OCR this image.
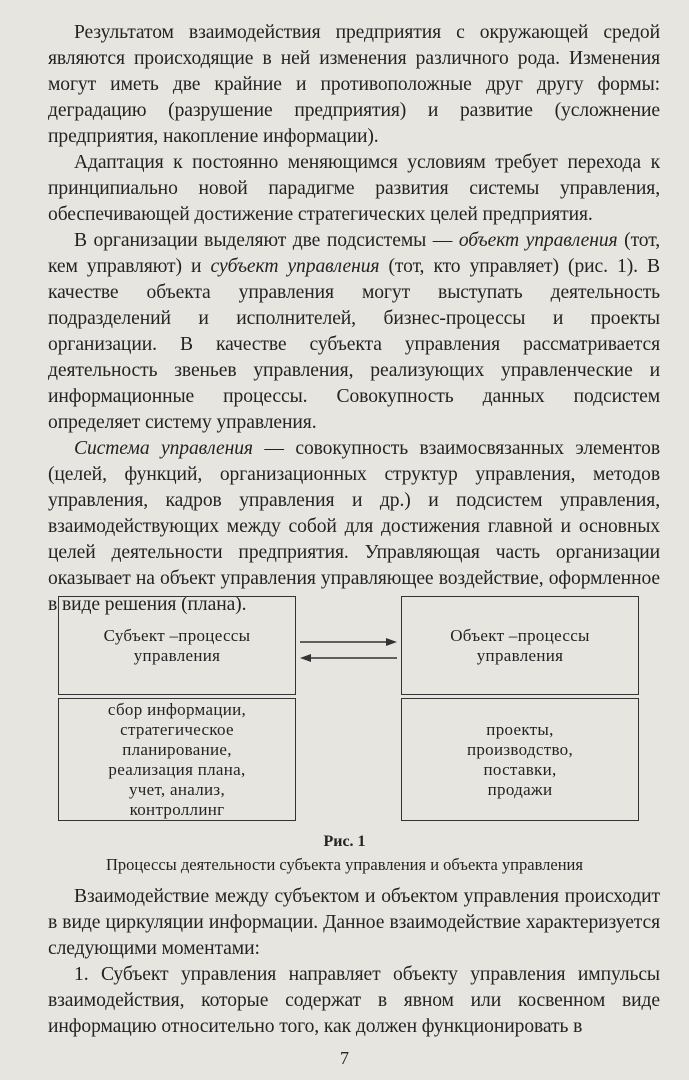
Результатом взаимодействия предприятия с окружающей средой являются происходящие в ней изменения различного рода. Изменения могут иметь две крайние и противоположные друг другу формы: деградацию (разрушение предприятия) и развитие (усложнение предприятия, накопление информации).

Адаптация к постоянно меняющимся условиям требует перехода к принципиально новой парадигме развития системы управления, обеспечивающей достижение стратегических целей предприятия.

В организации выделяют две подсистемы — объект управления (тот, кем управляют) и субъект управления (тот, кто управляет) (рис. 1). В качестве объекта управления могут выступать деятельность подразделений и исполнителей, бизнес-процессы и проекты организации. В качестве субъекта управления рассматривается деятельность звеньев управления, реализующих управленческие и информационные процессы. Совокупность данных подсистем определяет систему управления.

Система управления — совокупность взаимосвязанных элементов (целей, функций, организационных структур управления, методов управления, кадров управления и др.) и подсистем управления, взаимодействующих между собой для достижения главной и основных целей деятельности предприятия. Управляющая часть организации оказывает на объект управления управляющее воздействие, оформленное в виде решения (плана).

Субъект –процессы
управления
Объект –процессы
управления
сбор информации,
стратегическое
планирование,
реализация плана,
учет, анализ,
контроллинг
проекты,
производство,
поставки,
продажи
Рис. 1
Процессы деятельности субъекта управления и объекта управления

Взаимодействие между субъектом и объектом управления происходит в виде циркуляции информации. Данное взаимодействие характеризуется следующими моментами:

1. Субъект управления направляет объекту управления импульсы взаимодействия, которые содержат в явном или косвенном виде информацию относительно того, как должен функционировать в

7
